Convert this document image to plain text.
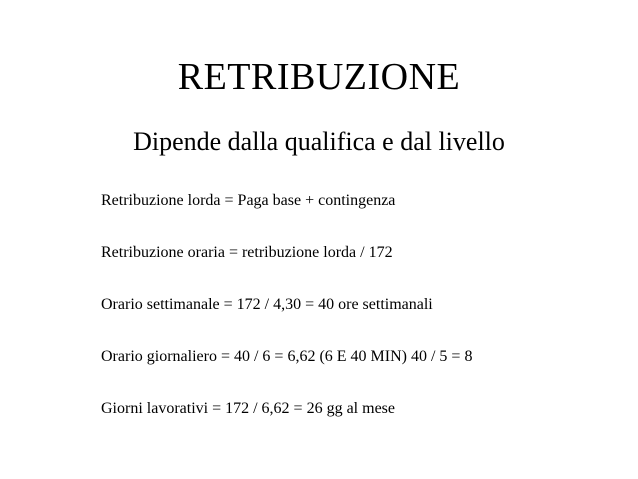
RETRIBUZIONE
Dipende dalla qualifica e dal livello
Retribuzione lorda = Paga base + contingenza
Retribuzione oraria = retribuzione lorda / 172
Orario settimanale = 172 / 4,30 = 40 ore settimanali
Orario giornaliero = 40 / 6 = 6,62 (6 E 40 MIN) 40 / 5 = 8
Giorni lavorativi = 172 / 6,62 = 26 gg al mese
